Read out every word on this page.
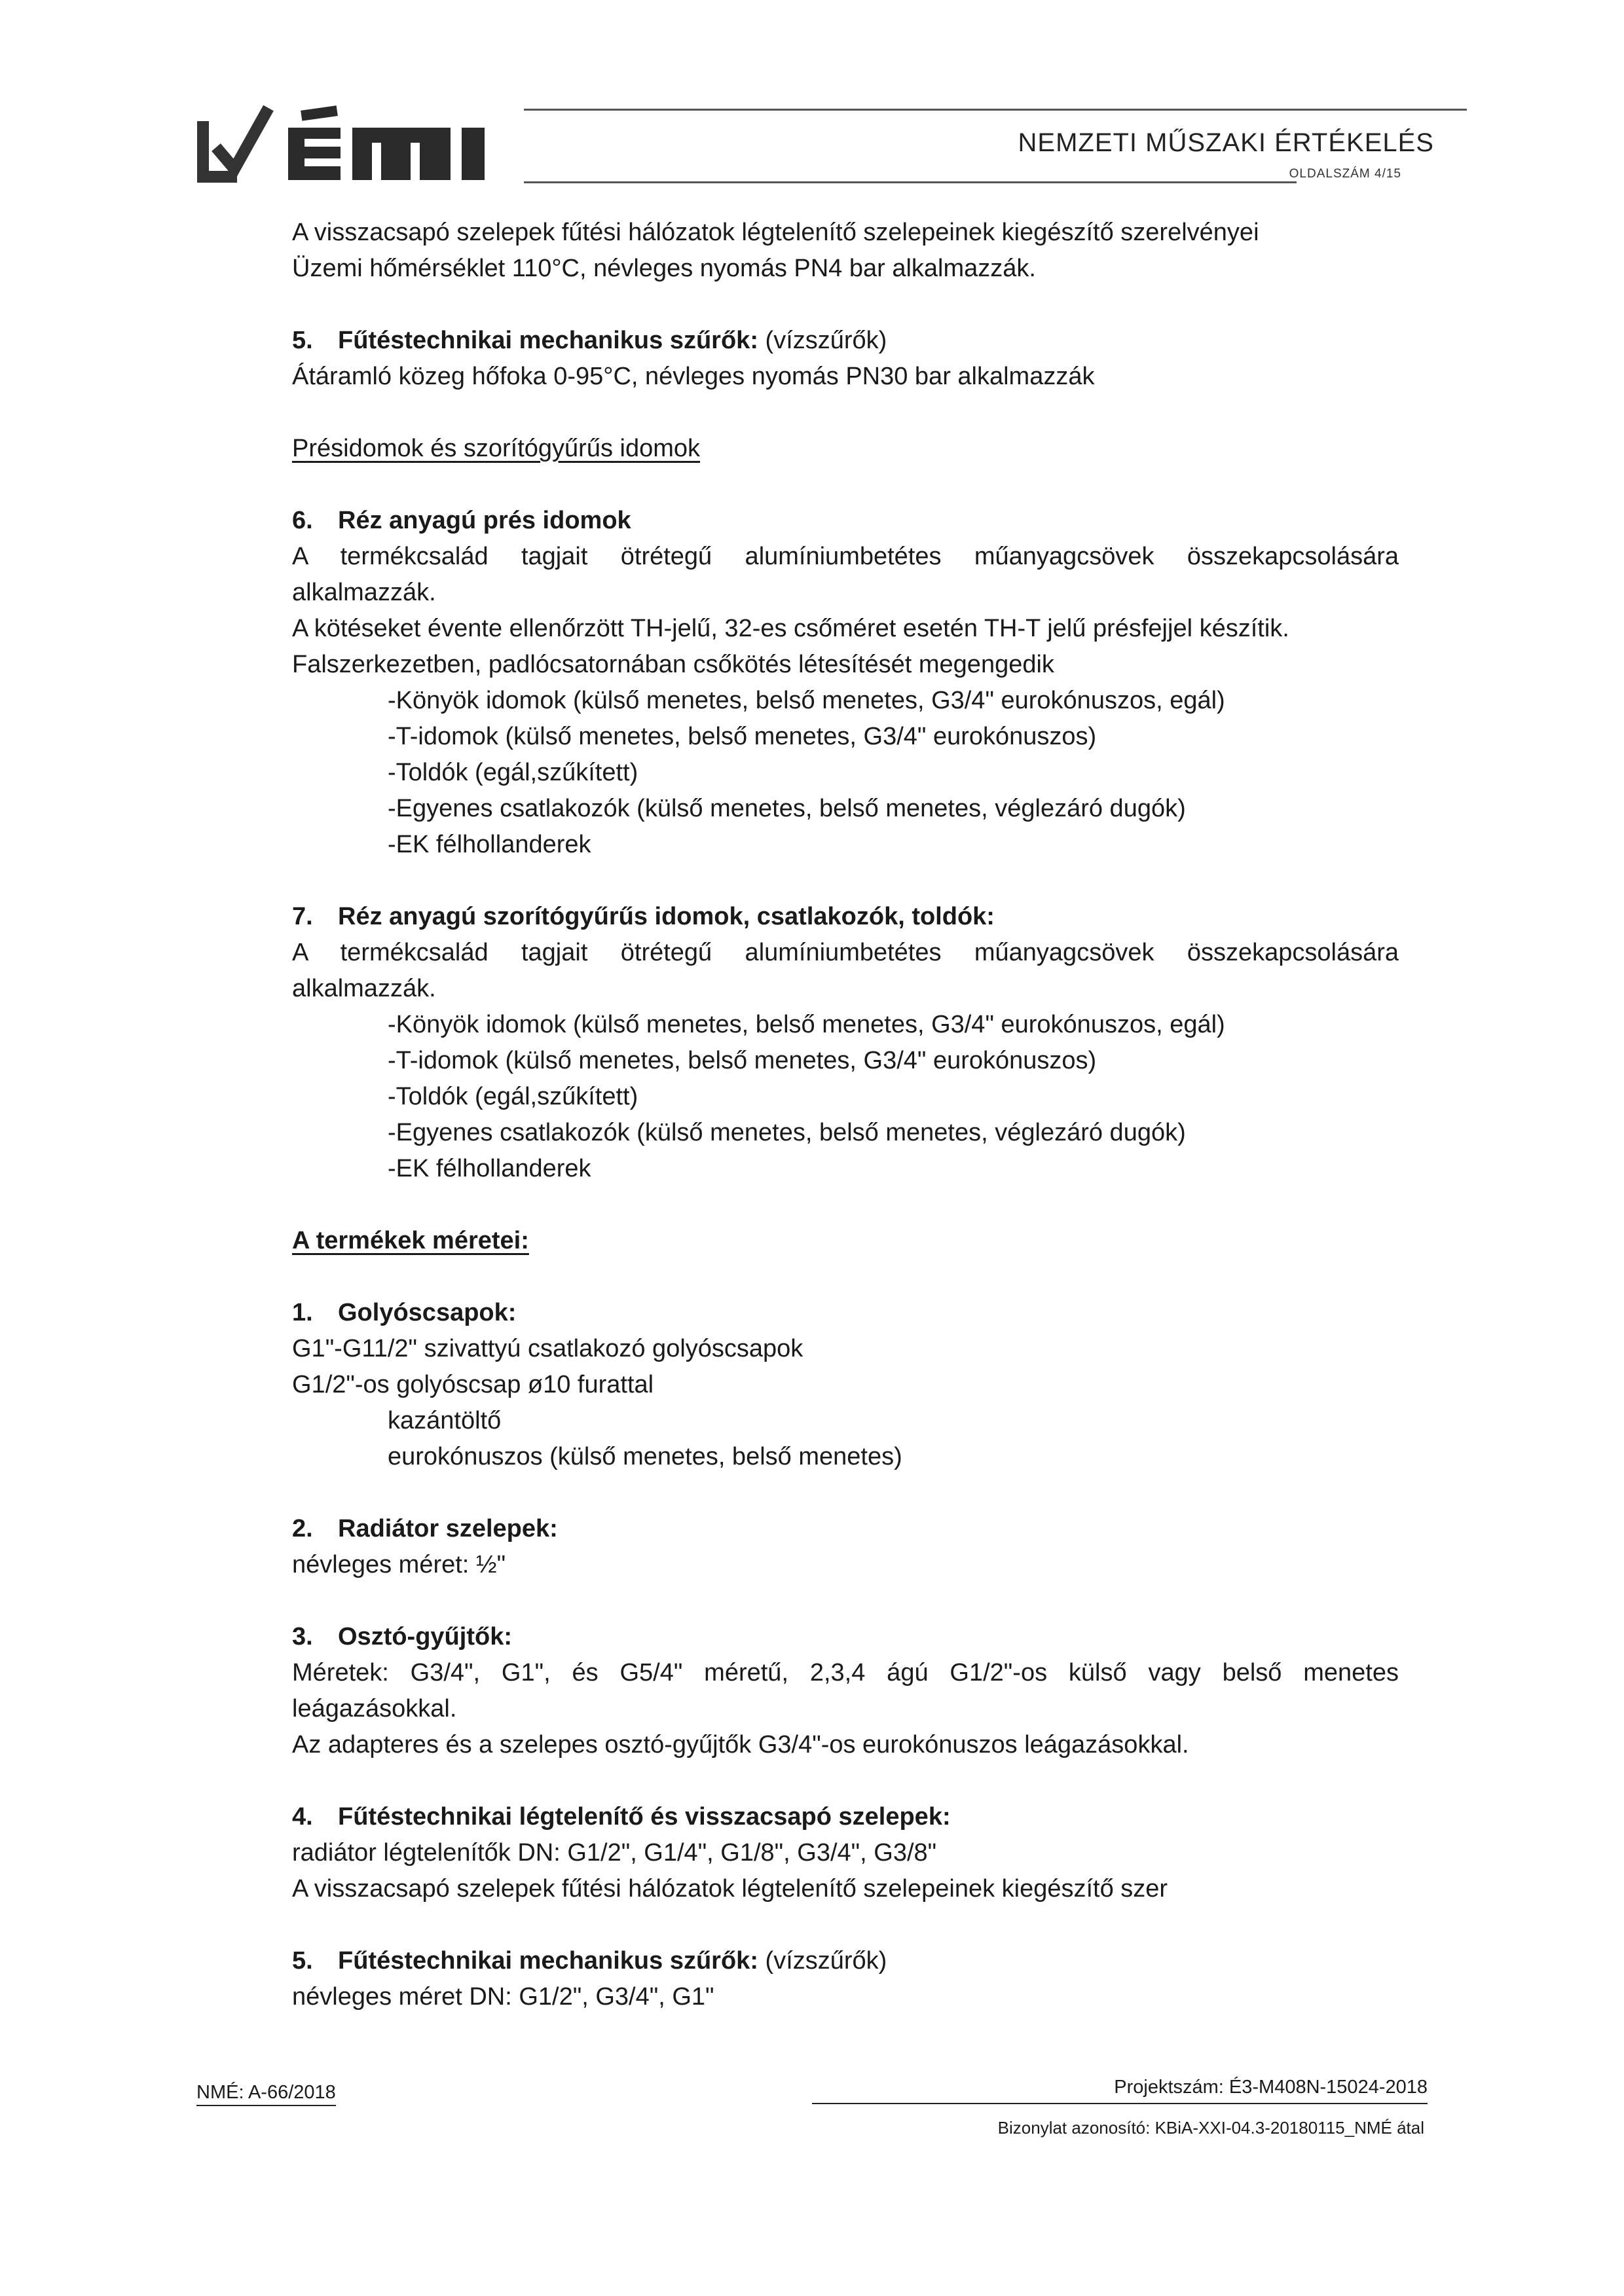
NEMZETI MŰSZAKI ÉRTÉKELÉS
OLDALSZÁM 4/15
A visszacsapó szelepek fűtési hálózatok légtelenítő szelepeinek kiegészítő szerelvényei
Üzemi hőmérséklet 110°C, névleges nyomás PN4 bar alkalmazzák.
5. Fűtéstechnikai mechanikus szűrők: (vízszűrők)
Átáramló közeg hőfoka 0-95°C, névleges nyomás PN30 bar alkalmazzák
Présidomok és szorítógyűrűs idomok
6. Réz anyagú prés idomok
A termékcsalád tagjait ötrétegű alumíniumbetétes műanyagcsövek összekapcsolására
alkalmazzák.
A kötéseket évente ellenőrzött TH-jelű, 32-es csőméret esetén TH-T jelű présfejjel készítik.
Falszerkezetben, padlócsatornában csőkötés létesítését megengedik
-Könyök idomok (külső menetes, belső menetes, G3/4" eurokónuszos, egál)
-T-idomok (külső menetes, belső menetes, G3/4" eurokónuszos)
-Toldók (egál,szűkített)
-Egyenes csatlakozók (külső menetes, belső menetes, véglezáró dugók)
-EK félhollanderek
7. Réz anyagú szorítógyűrűs idomok, csatlakozók, toldók:
A termékcsalád tagjait ötrétegű alumíniumbetétes műanyagcsövek összekapcsolására
alkalmazzák.
-Könyök idomok (külső menetes, belső menetes, G3/4" eurokónuszos, egál)
-T-idomok (külső menetes, belső menetes, G3/4" eurokónuszos)
-Toldók (egál,szűkített)
-Egyenes csatlakozók (külső menetes, belső menetes, véglezáró dugók)
-EK félhollanderek
A termékek méretei:
1. Golyóscsapok:
G1"-G11/2" szivattyú csatlakozó golyóscsapok
G1/2"-os golyóscsap ø10 furattal
kazántöltő
eurokónuszos (külső menetes, belső menetes)
2. Radiátor szelepek:
névleges méret: ½"
3. Osztó-gyűjtők:
Méretek: G3/4", G1", és G5/4" méretű, 2,3,4 ágú G1/2"-os külső vagy belső menetes
leágazásokkal.
Az adapteres és a szelepes osztó-gyűjtők G3/4"-os eurokónuszos leágazásokkal.
4. Fűtéstechnikai légtelenítő és visszacsapó szelepek:
radiátor légtelenítők DN: G1/2", G1/4", G1/8", G3/4", G3/8"
A visszacsapó szelepek fűtési hálózatok légtelenítő szelepeinek kiegészítő szer
5. Fűtéstechnikai mechanikus szűrők: (vízszűrők)
névleges méret DN: G1/2", G3/4", G1"
NMÉ: A-66/2018	Projektszám: É3-M408N-15024-2018
Bizonylat azonosító: KBiA-XXI-04.3-20180115_NMÉ átal
